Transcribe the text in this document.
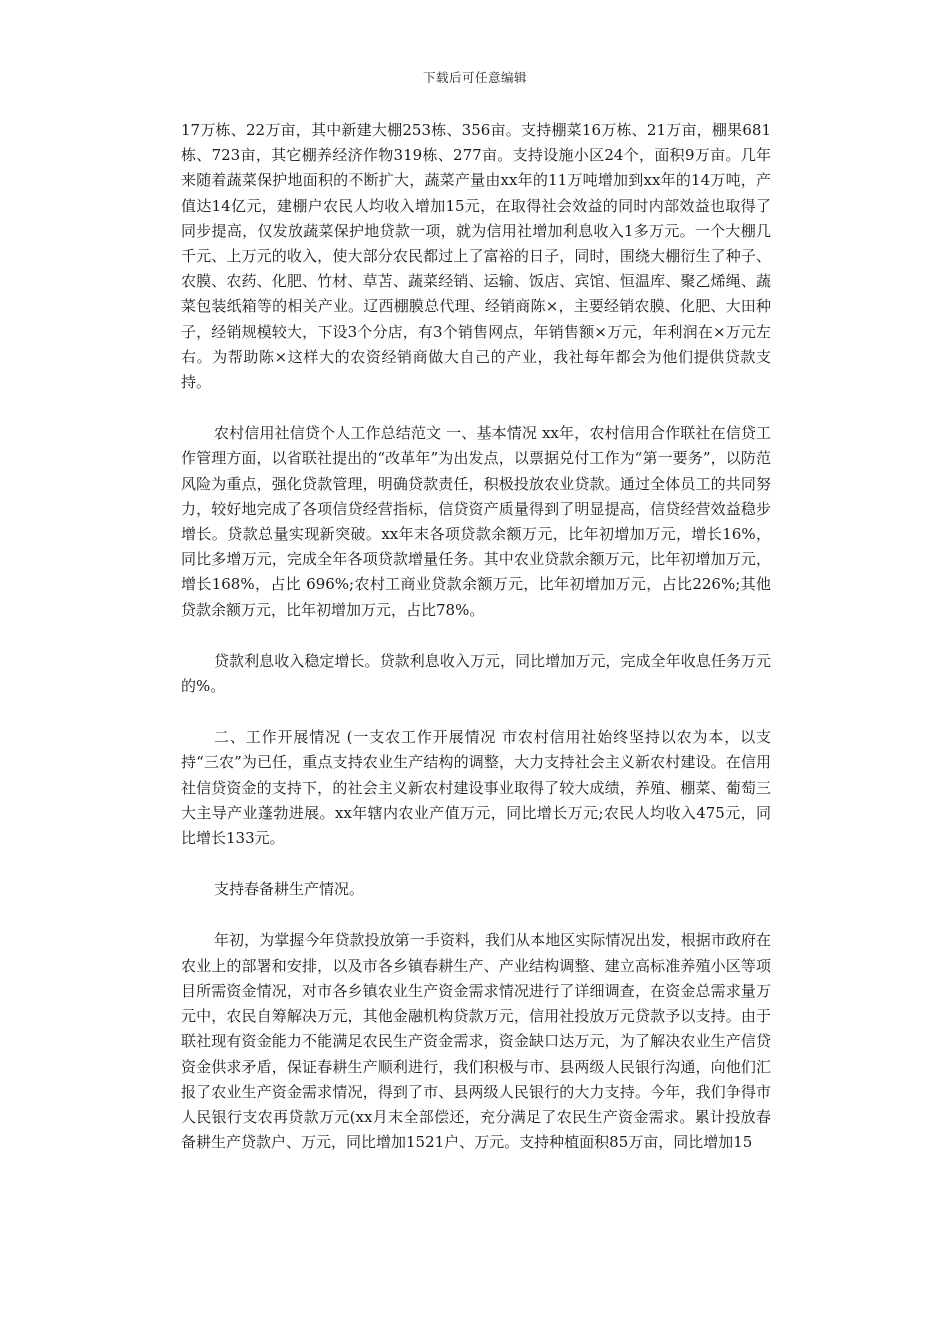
下载后可任意编辑

17万栋、22万亩，其中新建大棚253栋、356亩。支持棚菜16万栋、21万亩，棚果681栋、723亩，其它棚养经济作物319栋、277亩。支持设施小区24个，面积9万亩。几年来随着蔬菜保护地面积的不断扩大，蔬菜产量由xx年的11万吨增加到xx年的14万吨，产值达14亿元，建棚户农民人均收入增加15元，在取得社会效益的同时内部效益也取得了同步提高，仅发放蔬菜保护地贷款一项，就为信用社增加利息收入1多万元。一个大棚几千元、上万元的收入，使大部分农民都过上了富裕的日子，同时，围绕大棚衍生了种子、农膜、农药、化肥、竹材、草苫、蔬菜经销、运输、饭店、宾馆、恒温库、聚乙烯绳、蔬菜包装纸箱等的相关产业。辽西棚膜总代理、经销商陈×，主要经销农膜、化肥、大田种子，经销规模较大，下设3个分店，有3个销售网点，年销售额×万元，年利润在×万元左右。为帮助陈×这样大的农资经销商做大自己的产业，我社每年都会为他们提供贷款支持。

农村信用社信贷个人工作总结范文 一、基本情况 xx年，农村信用合作联社在信贷工作管理方面，以省联社提出的“改革年”为出发点，以票据兑付工作为“第一要务”，以防范风险为重点，强化贷款管理，明确贷款责任，积极投放农业贷款。通过全体员工的共同努力，较好地完成了各项信贷经营指标，信贷资产质量得到了明显提高，信贷经营效益稳步增长。贷款总量实现新突破。xx年末各项贷款余额万元，比年初增加万元，增长16%，同比多增万元，完成全年各项贷款增量任务。其中农业贷款余额万元，比年初增加万元，增长168%，占比 696%;农村工商业贷款余额万元，比年初增加万元，占比226%;其他贷款余额万元，比年初增加万元，占比78%。

贷款利息收入稳定增长。贷款利息收入万元，同比增加万元，完成全年收息任务万元的%。

二、工作开展情况 (一支农工作开展情况 市农村信用社始终坚持以农为本，以支持“三农”为已任，重点支持农业生产结构的调整，大力支持社会主义新农村建设。在信用社信贷资金的支持下，的社会主义新农村建设事业取得了较大成绩，养殖、棚菜、葡萄三大主导产业蓬勃进展。xx年辖内农业产值万元，同比增长万元;农民人均收入475元，同比增长133元。

支持春备耕生产情况。

年初，为掌握今年贷款投放第一手资料，我们从本地区实际情况出发，根据市政府在农业上的部署和安排，以及市各乡镇春耕生产、产业结构调整、建立高标准养殖小区等项目所需资金情况，对市各乡镇农业生产资金需求情况进行了详细调查，在资金总需求量万元中，农民自筹解决万元，其他金融机构贷款万元，信用社投放万元贷款予以支持。由于联社现有资金能力不能满足农民生产资金需求，资金缺口达万元，为了解决农业生产信贷资金供求矛盾，保证春耕生产顺利进行，我们积极与市、县两级人民银行沟通，向他们汇报了农业生产资金需求情况，得到了市、县两级人民银行的大力支持。今年，我们争得市人民银行支农再贷款万元(xx月末全部偿还，充分满足了农民生产资金需求。累计投放春备耕生产贷款户、万元，同比增加1521户、万元。支持种植面积85万亩，同比增加15
